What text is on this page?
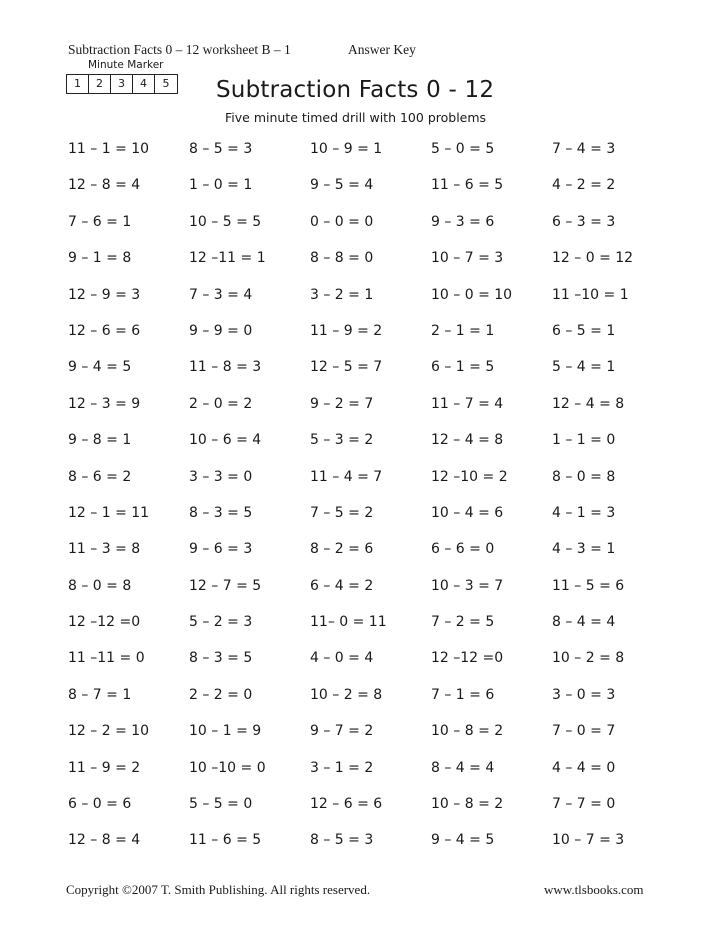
Subtraction Facts 0 – 12 worksheet B – 1	Answer Key
Minute Marker
1	2	3	4	5	Subtraction Facts 0 - 12
Five minute timed drill with 100 problems
11 – 1 = 10	8 – 5 = 3	10 – 9 = 1	5 – 0 = 5	7 – 4 = 3
12 – 8 = 4	1 – 0 = 1	9 – 5 = 4	11 – 6 = 5	4 – 2 = 2
7 – 6 = 1	10 – 5 = 5	0 – 0 = 0	9 – 3 = 6	6 – 3 = 3
9 – 1 = 8	12 –11 = 1	8 – 8 = 0	10 – 7 = 3	12 – 0 = 12
12 – 9 = 3	7 – 3 = 4	3 – 2 = 1	10 – 0 = 10	11 –10 = 1
12 – 6 = 6	9 – 9 = 0	11 – 9 = 2	2 – 1 = 1	6 – 5 = 1
9 – 4 = 5	11 – 8 = 3	12 – 5 = 7	6 – 1 = 5	5 – 4 = 1
12 – 3 = 9	2 – 0 = 2	9 – 2 = 7	11 – 7 = 4	12 – 4 = 8
9 – 8 = 1	10 – 6 = 4	5 – 3 = 2	12 – 4 = 8	1 – 1 = 0
8 – 6 = 2	3 – 3 = 0	11 – 4 = 7	12 –10 = 2	8 – 0 = 8
12 – 1 = 11	8 – 3 = 5	7 – 5 = 2	10 – 4 = 6	4 – 1 = 3
11 – 3 = 8	9 – 6 = 3	8 – 2 = 6	6 – 6 = 0	4 – 3 = 1
8 – 0 = 8	12 – 7 = 5	6 – 4 = 2	10 – 3 = 7	11 – 5 = 6
12 –12 =0	5 – 2 = 3	11– 0 = 11	7 – 2 = 5	8 – 4 = 4
11 –11 = 0	8 – 3 = 5	4 – 0 = 4	12 –12 =0	10 – 2 = 8
8 – 7 = 1	2 – 2 = 0	10 – 2 = 8	7 – 1 = 6	3 – 0 = 3
12 – 2 = 10	10 – 1 = 9	9 – 7 = 2	10 – 8 = 2	7 – 0 = 7
11 – 9 = 2	10 –10 = 0	3 – 1 = 2	8 – 4 = 4	4 – 4 = 0
6 – 0 = 6	5 – 5 = 0	12 – 6 = 6	10 – 8 = 2	7 – 7 = 0
12 – 8 = 4	11 – 6 = 5	8 – 5 = 3	9 – 4 = 5	10 – 7 = 3
Copyright ©2007 T. Smith Publishing. All rights reserved.	www.tlsbooks.com
